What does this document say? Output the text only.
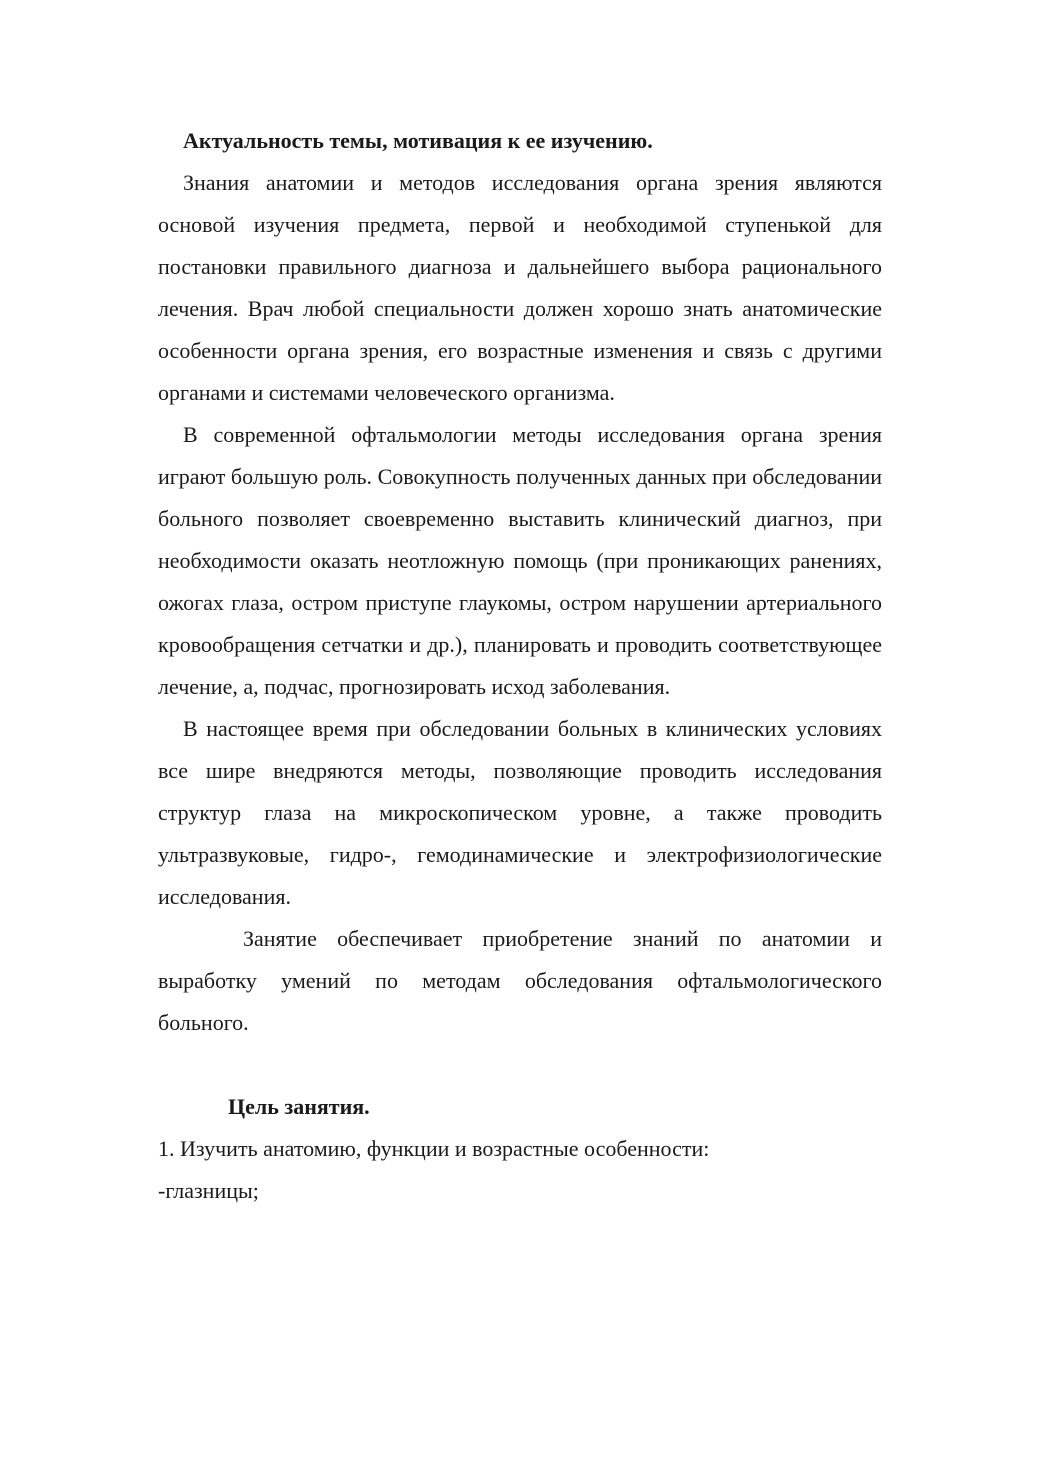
Актуальность темы, мотивация к ее изучению.

Знания анатомии и методов исследования органа зрения являются основой изучения предмета, первой и необходимой ступенькой для постановки правильного диагноза и дальнейшего выбора рационального лечения. Врач любой специальности должен хорошо знать анатомические особенности органа зрения, его возрастные изменения и связь с другими органами и системами человеческого организма.

В современной офтальмологии методы исследования органа зрения играют большую роль. Совокупность полученных данных при обследовании больного позволяет своевременно выставить клинический диагноз, при необходимости оказать неотложную помощь (при проникающих ранениях, ожогах глаза, остром приступе глаукомы, остром нарушении артериального кровообращения сетчатки и др.), планировать и проводить соответствующее лечение, а, подчас, прогнозировать исход заболевания.

В настоящее время при обследовании больных в клинических условиях все шире внедряются методы, позволяющие проводить исследования структур глаза на микроскопическом уровне, а также проводить ультразвуковые, гидро-, гемодинамические и электрофизиологические исследования.

Занятие обеспечивает приобретение знаний по анатомии и выработку умений по методам обследования офтальмологического больного.

Цель занятия.

1. Изучить анатомию, функции и возрастные особенности:

-глазницы;
